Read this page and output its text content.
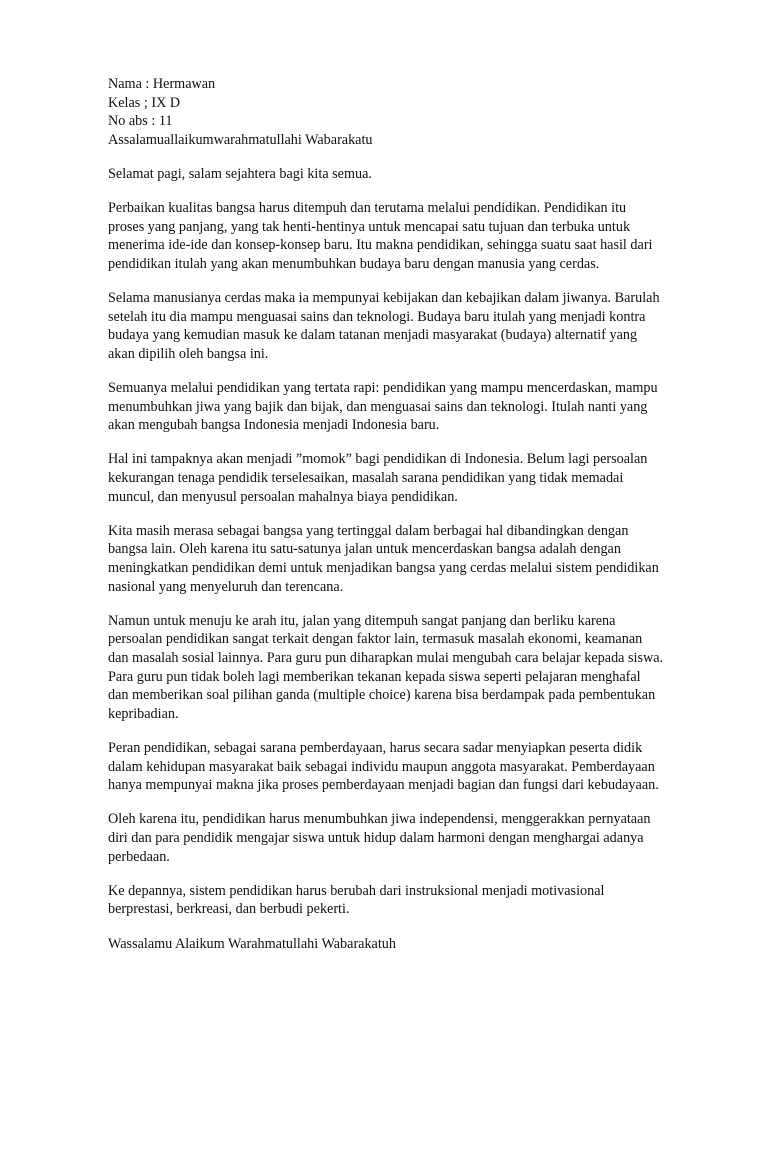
Nama : Hermawan

Kelas ; IX D

No abs : 11

Assalamuallaikumwarahmatullahi Wabarakatu

Selamat pagi, salam sejahtera bagi kita semua.

Perbaikan kualitas bangsa harus ditempuh dan terutama melalui pendidikan. Pendidikan itu

proses yang panjang, yang tak henti-hentinya untuk mencapai satu tujuan dan terbuka untuk

menerima ide-ide dan konsep-konsep baru. Itu makna pendidikan, sehingga suatu saat hasil dari

pendidikan itulah yang akan menumbuhkan budaya baru dengan manusia yang cerdas.

Selama manusianya cerdas maka ia mempunyai kebijakan dan kebajikan dalam jiwanya. Barulah

setelah itu dia mampu menguasai sains dan teknologi. Budaya baru itulah yang menjadi kontra

budaya yang kemudian masuk ke dalam tatanan menjadi masyarakat (budaya) alternatif yang

akan dipilih oleh bangsa ini.

Semuanya melalui pendidikan yang tertata rapi: pendidikan yang mampu mencerdaskan, mampu

menumbuhkan jiwa yang bajik dan bijak, dan menguasai sains dan teknologi. Itulah nanti yang

akan mengubah bangsa Indonesia menjadi Indonesia baru.

Hal ini tampaknya akan menjadi ”momok” bagi pendidikan di Indonesia. Belum lagi persoalan

kekurangan tenaga pendidik terselesaikan, masalah sarana pendidikan yang tidak memadai

muncul, dan menyusul persoalan mahalnya biaya pendidikan.

Kita masih merasa sebagai bangsa yang tertinggal dalam berbagai hal dibandingkan dengan

bangsa lain. Oleh karena itu satu-satunya jalan untuk mencerdaskan bangsa adalah dengan

meningkatkan pendidikan demi untuk menjadikan bangsa yang cerdas melalui sistem pendidikan

nasional yang menyeluruh dan terencana.

Namun untuk menuju ke arah itu, jalan yang ditempuh sangat panjang dan berliku karena

persoalan pendidikan sangat terkait dengan faktor lain, termasuk masalah ekonomi, keamanan

dan masalah sosial lainnya. Para guru pun diharapkan mulai mengubah cara belajar kepada siswa.

Para guru pun tidak boleh lagi memberikan tekanan kepada siswa seperti pelajaran menghafal

dan memberikan soal pilihan ganda (multiple choice) karena bisa berdampak pada pembentukan

kepribadian.

Peran pendidikan, sebagai sarana pemberdayaan, harus secara sadar menyiapkan peserta didik

dalam kehidupan masyarakat baik sebagai individu maupun anggota masyarakat. Pemberdayaan

hanya mempunyai makna jika proses pemberdayaan menjadi bagian dan fungsi dari kebudayaan.

Oleh karena itu, pendidikan harus menumbuhkan jiwa independensi, menggerakkan pernyataan

diri dan para pendidik mengajar siswa untuk hidup dalam harmoni dengan menghargai adanya

perbedaan.

Ke depannya, sistem pendidikan harus berubah dari instruksional menjadi motivasional

berprestasi, berkreasi, dan berbudi pekerti.

Wassalamu Alaikum Warahmatullahi Wabarakatuh
